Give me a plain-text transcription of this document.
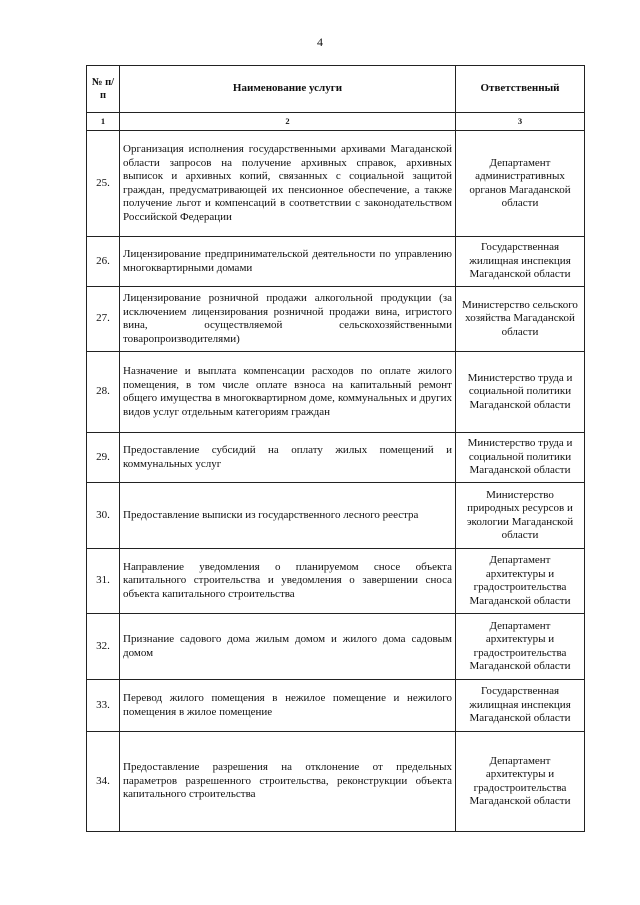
4
№ п/п	Наименование услуги	Ответственный
1	2	3
25.	Организация исполнения государственными архивами Магаданской области запросов на получение архивных справок, архивных выписок и архивных копий, связанных с социальной защитой граждан, предусматривающей их пенсионное обеспечение, а также получение льгот и компенсаций в соответствии с законодательством Российской Федерации	Департамент административных органов Магаданской области
26.	Лицензирование предпринимательской деятельности по управлению многоквартирными домами	Государственная жилищная инспекция Магаданской области
27.	Лицензирование розничной продажи алкогольной продукции (за исключением лицензирования розничной продажи вина, игристого вина, осуществляемой сельскохозяйственными товаропроизводителями)	Министерство сельского хозяйства Магаданской области
28.	Назначение и выплата компенсации расходов по оплате жилого помещения, в том числе оплате взноса на капитальный ремонт общего имущества в многоквартирном доме, коммунальных и других видов услуг отдельным категориям граждан	Министерство труда и социальной политики Магаданской области
29.	Предоставление субсидий на оплату жилых помещений и коммунальных услуг	Министерство труда и социальной политики Магаданской области
30.	Предоставление выписки из государственного лесного реестра	Министерство природных ресурсов и экологии Магаданской области
31.	Направление уведомления о планируемом сносе объекта капитального строительства и уведомления о завершении сноса объекта капитального строительства	Департамент архитектуры и градостроительства Магаданской области
32.	Признание садового дома жилым домом и жилого дома садовым домом	Департамент архитектуры и градостроительства Магаданской области
33.	Перевод жилого помещения в нежилое помещение и нежилого помещения в жилое помещение	Государственная жилищная инспекция Магаданской области
34.	Предоставление разрешения на отклонение от предельных параметров разрешенного строительства, реконструкции объекта капитального строительства	Департамент архитектуры и градостроительства Магаданской области
